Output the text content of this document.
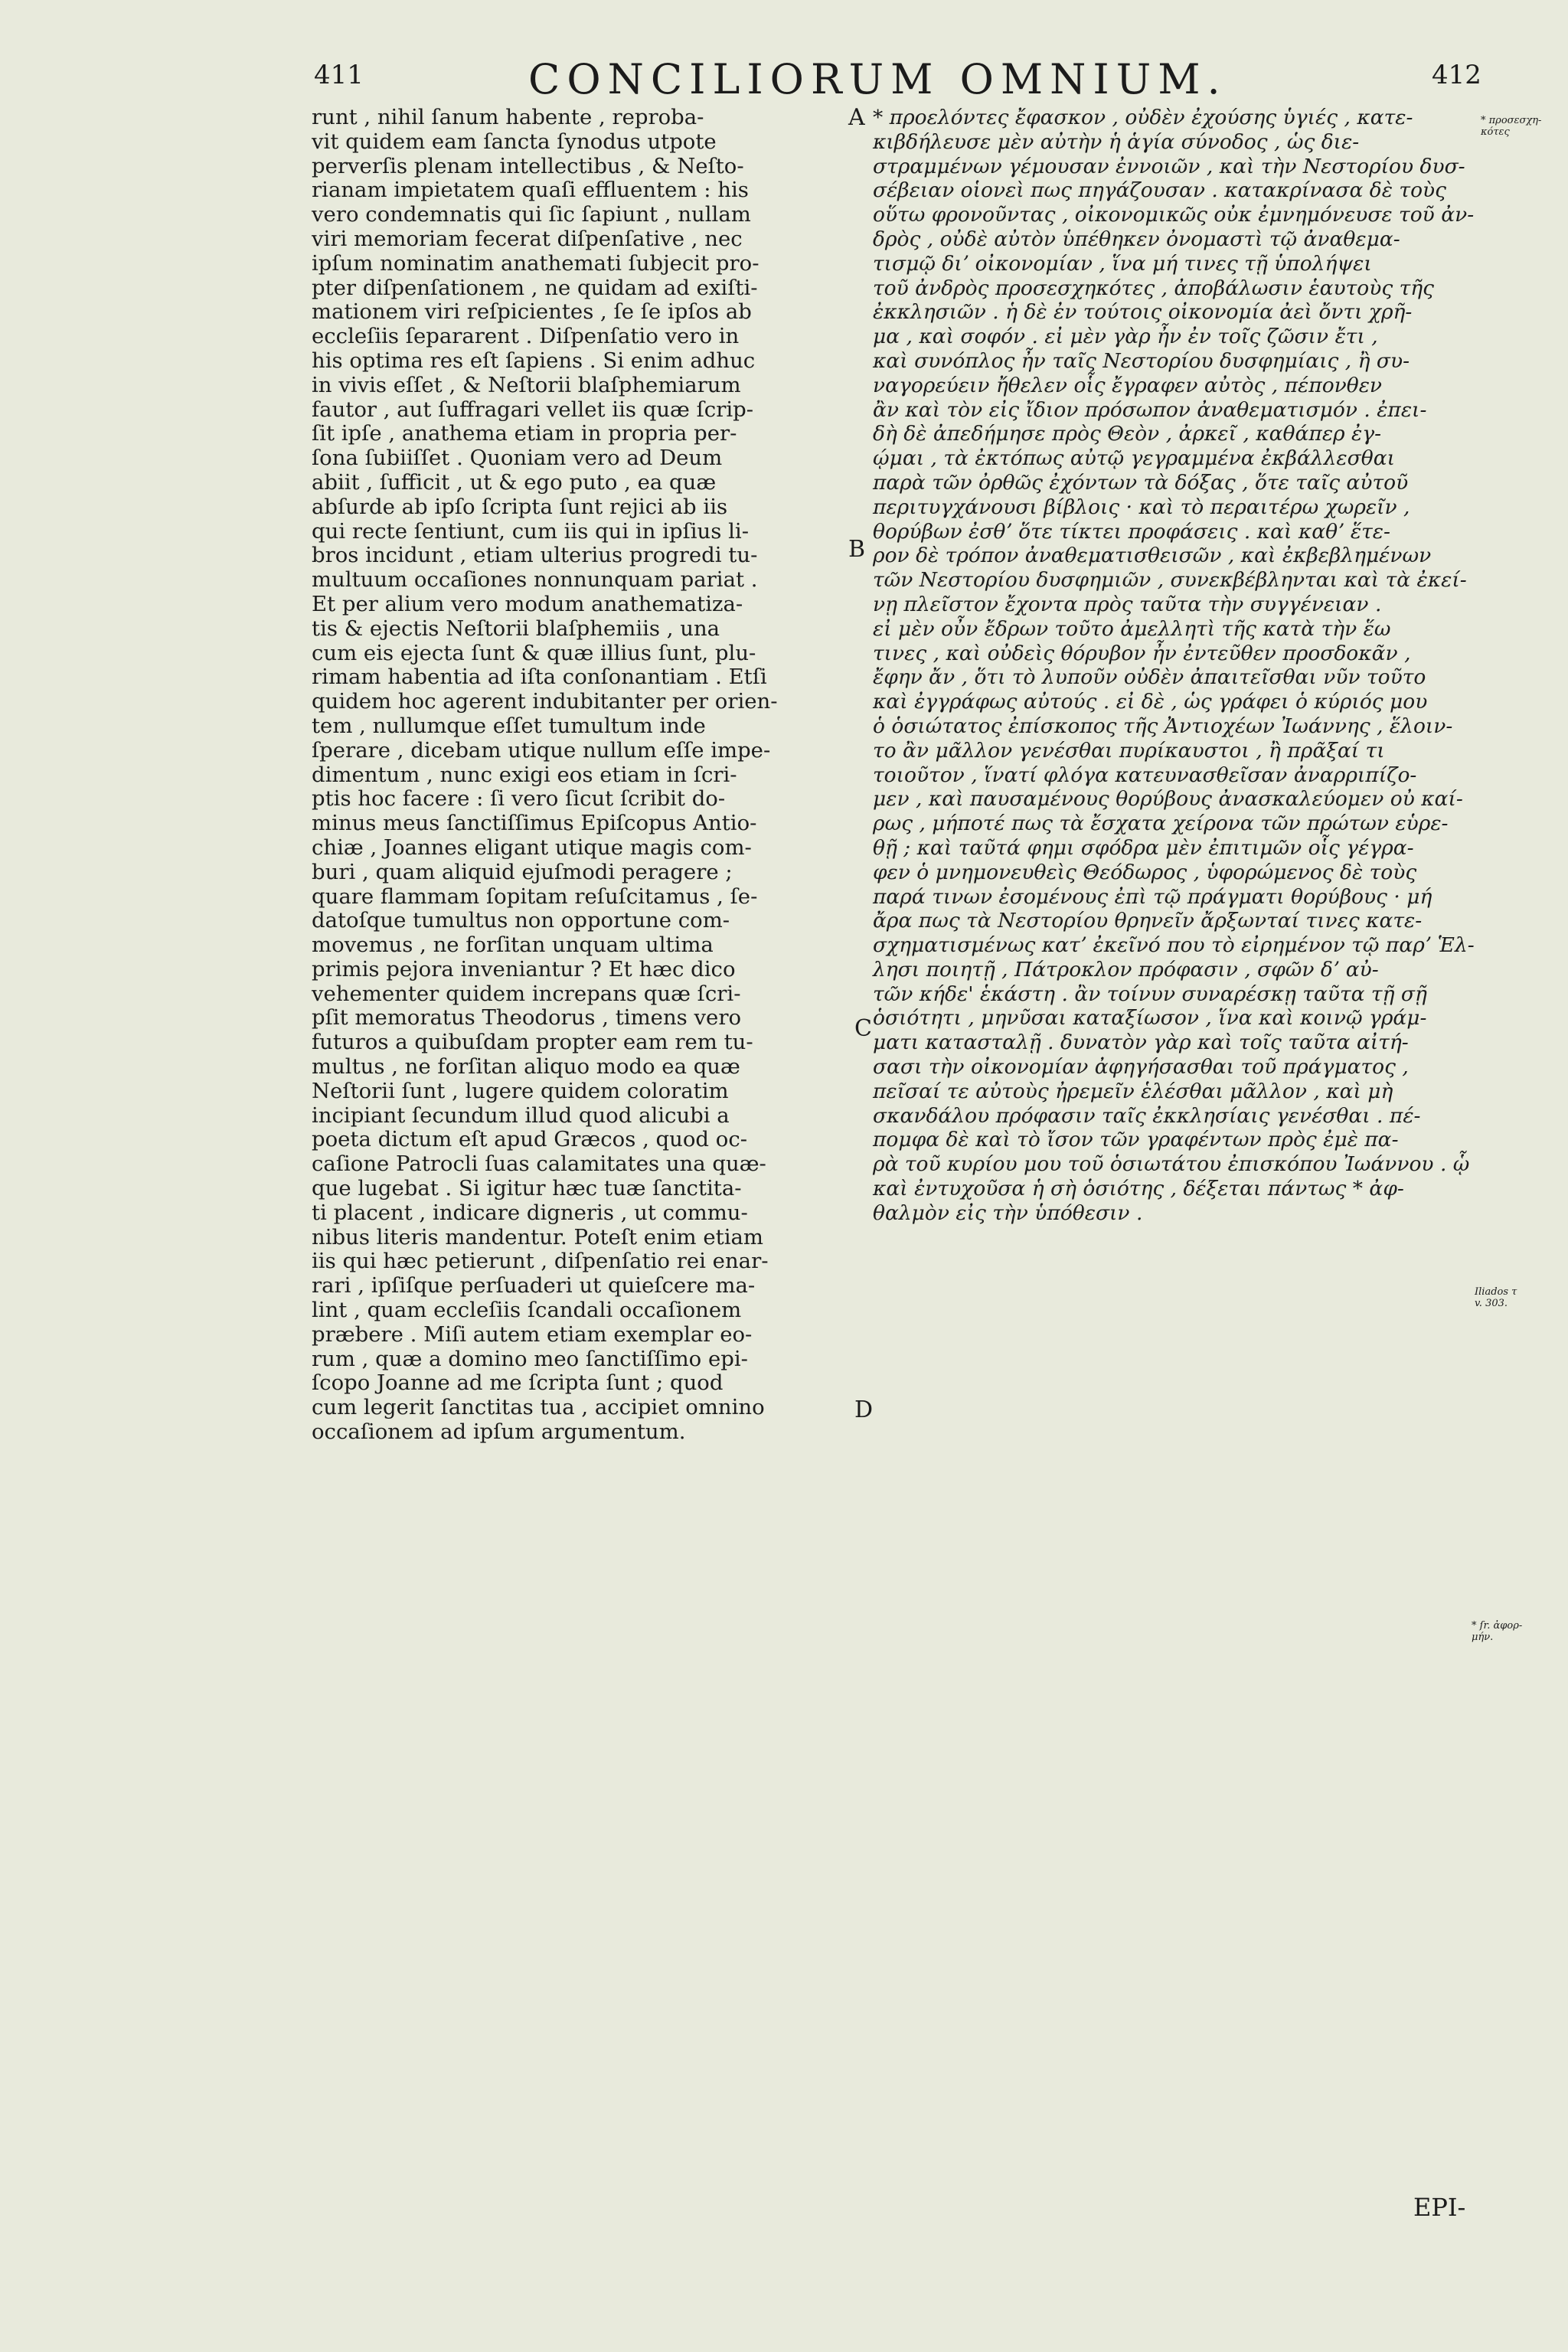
411	CONCILIORUM OMNIUM.	412
runt , nihil ſanum habente , reproba-
vit quidem eam ſancta ſynodus utpote
perverſis plenam intellectibus , & Neſto-
rianam impietatem quaſi effluentem : his
vero condemnatis qui ſic ſapiunt , nullam
viri memoriam fecerat diſpenſative , nec
ipſum nominatim anathemati ſubjecit pro-
pter diſpenſationem , ne quidam ad exiſti-
mationem viri reſpicientes , ſe ſe ipſos ab
eccleſiis ſepararent . Diſpenſatio vero in
his optima res eſt ſapiens . Si enim adhuc
in vivis eſſet , & Neſtorii blaſphemiarum
fautor , aut ſuffragari vellet iis quæ ſcrip-
ſit ipſe , anathema etiam in propria per-
ſona ſubiiſſet . Quoniam vero ad Deum
abiit , ſufficit , ut & ego puto , ea quæ
abſurde ab ipſo ſcripta ſunt rejici ab iis
qui recte ſentiunt, cum iis qui in ipſius li-
bros incidunt , etiam ulterius progredi tu-
multuum occaſiones nonnunquam pariat .
Et per alium vero modum anathematiza-
tis & ejectis Neſtorii blaſphemiis , una
cum eis ejecta ſunt & quæ illius ſunt, plu-
rimam habentia ad iſta conſonantiam . Etſi
quidem hoc agerent indubitanter per orien-
tem , nullumque eſſet tumultum inde
ſperare , dicebam utique nullum eſſe impe-
dimentum , nunc exigi eos etiam in ſcri-
ptis hoc facere : ſi vero ſicut ſcribit do-
minus meus ſanctiſſimus Epiſcopus Antio-
chiæ , Joannes eligant utique magis com-
buri , quam aliquid ejuſmodi peragere ;
quare flammam ſopitam reſuſcitamus , ſe-
datoſque tumultus non opportune com-
movemus , ne forſitan unquam ultima
primis pejora inveniantur ? Et hæc dico
vehementer quidem increpans quæ ſcri-
pſit memoratus Theodorus , timens vero
futuros a quibuſdam propter eam rem tu-
multus , ne forſitan aliquo modo ea quæ
Neſtorii ſunt , lugere quidem coloratim
incipiant ſecundum illud quod alicubi a
poeta dictum eſt apud Græcos , quod oc-
caſione Patrocli ſuas calamitates una quæ-
que lugebat . Si igitur hæc tuæ ſanctita-
ti placent , indicare digneris , ut commu-
nibus literis mandentur. Poteſt enim etiam
iis qui hæc petierunt , diſpenſatio rei enar-
rari , ipſiſque perſuaderi ut quieſcere ma-
lint , quam eccleſiis ſcandali occaſionem
præbere . Miſi autem etiam exemplar eo-
rum , quæ a domino meo ſanctiſſimo epi-
ſcopo Joanne ad me ſcripta ſunt ; quod
cum legerit ſanctitas tua , accipiet omnino
occaſionem ad ipſum argumentum.
* προελόντες ἔφασκον , οὐδὲν ἐχούσης ὑγιές , κατε-
κιβδήλευσε μὲν αὐτὴν ἡ ἁγία σύνοδος , ὡς διε-
στραμμένων γέμουσαν ἐννοιῶν , καὶ τὴν Νεστορίου δυσ-
σέβειαν οἱονεὶ πως πηγάζουσαν . κατακρίνασα δὲ τοὺς
οὕτω φρονοῦντας , οἰκονομικῶς οὐκ ἐμνημόνευσε τοῦ ἀν-
δρὸς , οὐδὲ αὐτὸν ὑπέθηκεν ὀνομαστὶ τῷ ἀναθεμα-
τισμῷ διʼ οἰκονομίαν , ἵνα μή τινες τῇ ὑπολήψει
τοῦ ἀνδρὸς προσεσχηκότες , ἀποβάλωσιν ἑαυτοὺς τῆς
ἐκκλησιῶν . ἡ δὲ ἐν τούτοις οἰκονομία ἀεὶ ὄντι χρῆ-
μα , καὶ σοφόν . εἰ μὲν γὰρ ἦν ἐν τοῖς ζῶσιν ἔτι ,
καὶ συνόπλος ἦν ταῖς Νεστορίου δυσφημίαις , ἢ συ-
ναγορεύειν ἤθελεν οἷς ἔγραφεν αὐτὸς , πέπονθεν
ἂν καὶ τὸν εἰς ἴδιον πρόσωπον ἀναθεματισμόν . ἐπει-
δὴ δὲ ἀπεδήμησε πρὸς Θεὸν , ἀρκεῖ , καθάπερ ἐγ-
ῴμαι , τὰ ἐκτόπως αὐτῷ γεγραμμένα ἐκβάλλεσθαι
παρὰ τῶν ὀρθῶς ἐχόντων τὰ δόξας , ὅτε ταῖς αὐτοῦ
περιτυγχάνουσι βίβλοις · καὶ τὸ περαιτέρω χωρεῖν ,
θορύβων ἐσθʼ ὅτε τίκτει προφάσεις . καὶ καθʼ ἕτε-
ρον δὲ τρόπον ἀναθεματισθεισῶν , καὶ ἐκβεβλημένων
τῶν Νεστορίου δυσφημιῶν , συνεκβέβληνται καὶ τὰ ἐκεί-
νῃ πλεῖστον ἔχοντα πρὸς ταῦτα τὴν συγγένειαν .
εἰ μὲν οὖν ἔδρων τοῦτο ἀμελλητὶ τῆς κατὰ τὴν ἕω
τινες , καὶ οὐδεὶς θόρυβον ἦν ἐντεῦθεν προσδοκᾶν ,
ἔφην ἄν , ὅτι τὸ λυποῦν οὐδὲν ἀπαιτεῖσθαι νῦν τοῦτο
καὶ ἐγγράφως αὐτούς . εἰ δὲ , ὡς γράφει ὁ κύριός μου
ὁ ὁσιώτατος ἐπίσκοπος τῆς Ἀντιοχέων Ἰωάννης , ἕλοιν-
το ἂν μᾶλλον γενέσθαι πυρίκαυστοι , ἢ πρᾶξαί τι
τοιοῦτον , ἵνατί φλόγα κατευνασθεῖσαν ἀναρριπίζο-
μεν , καὶ παυσαμένους θορύβους ἀνασκαλεύομεν οὐ καί-
ρως , μήποτέ πως τὰ ἔσχατα χείρονα τῶν πρώτων εὑρε-
θῇ ; καὶ ταῦτά φημι σφόδρα μὲν ἐπιτιμῶν οἷς γέγρα-
φεν ὁ μνημονευθεὶς Θεόδωρος , ὑφορώμενος δὲ τοὺς
παρά τινων ἐσομένους ἐπὶ τῷ πράγματι θορύβους · μή
ἄρα πως τὰ Νεστορίου θρηνεῖν ἄρξωνταί τινες κατε-
σχηματισμένως κατʼ ἐκεῖνό που τὸ εἰρημένον τῷ παρʼ Ἑλ-
λησι ποιητῇ , Πάτροκλον πρόφασιν , σφῶν δʼ αὐ-
τῶν κήδε' ἑκάστη . ἂν τοίνυν συναρέσκῃ ταῦτα τῇ σῇ
ὁσιότητι , μηνῦσαι καταξίωσον , ἵνα καὶ κοινῷ γράμ-
ματι κατασταλῇ . δυνατὸν γὰρ καὶ τοῖς ταῦτα αἰτή-
σασι τὴν οἰκονομίαν ἀφηγήσασθαι τοῦ πράγματος ,
πεῖσαί τε αὐτοὺς ἠρεμεῖν ἑλέσθαι μᾶλλον , καὶ μὴ
σκανδάλου πρόφασιν ταῖς ἐκκλησίαις γενέσθαι . πέ-
πομφα δὲ καὶ τὸ ἴσον τῶν γραφέντων πρὸς ἐμὲ πα-
ρὰ τοῦ κυρίου μου τοῦ ὁσιωτάτου ἐπισκόπου Ἰωάννου . ᾧ
καὶ ἐντυχοῦσα ἡ σὴ ὁσιότης , δέξεται πάντως * ἀφ-
θαλμὸν εἰς τὴν ὑπόθεσιν .
A
B
C
D
* προσεσχη-
κότες
Iliados τ
v. 303.
* ſr. ἀφορ-
μήν.
EPI-
